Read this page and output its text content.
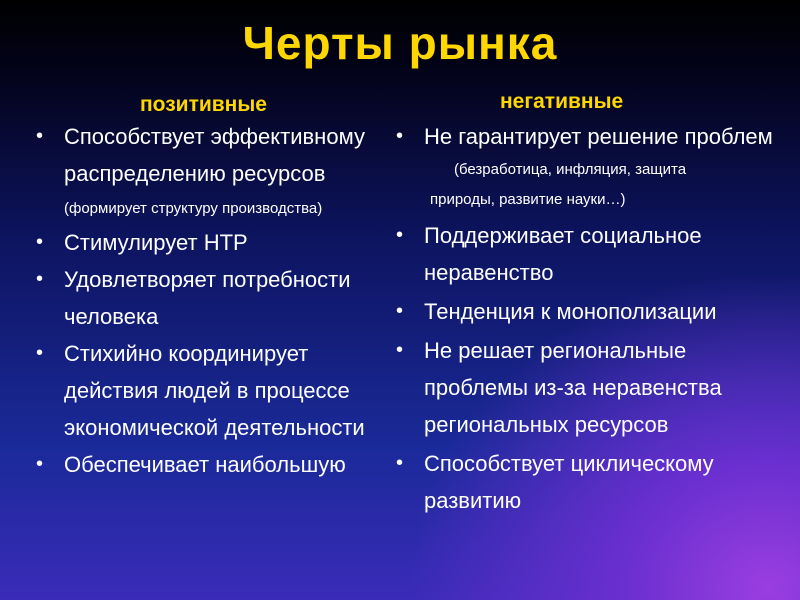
Черты рынка
позитивные	негативные
• Способствует эффективному распределению ресурсов
(формирует структуру производства)
• Стимулирует НТР
• Удовлетворяет потребности человека
• Стихийно координирует действия людей в процессе экономической деятельности
• Обеспечивает наибольшую
• Не гарантирует решение проблем
(безработица, инфляция, защита
природы, развитие науки…)
• Поддерживает социальное неравенство
• Тенденция к монополизации
• Не решает региональные проблемы из-за неравенства региональных ресурсов
• Способствует циклическому развитию
